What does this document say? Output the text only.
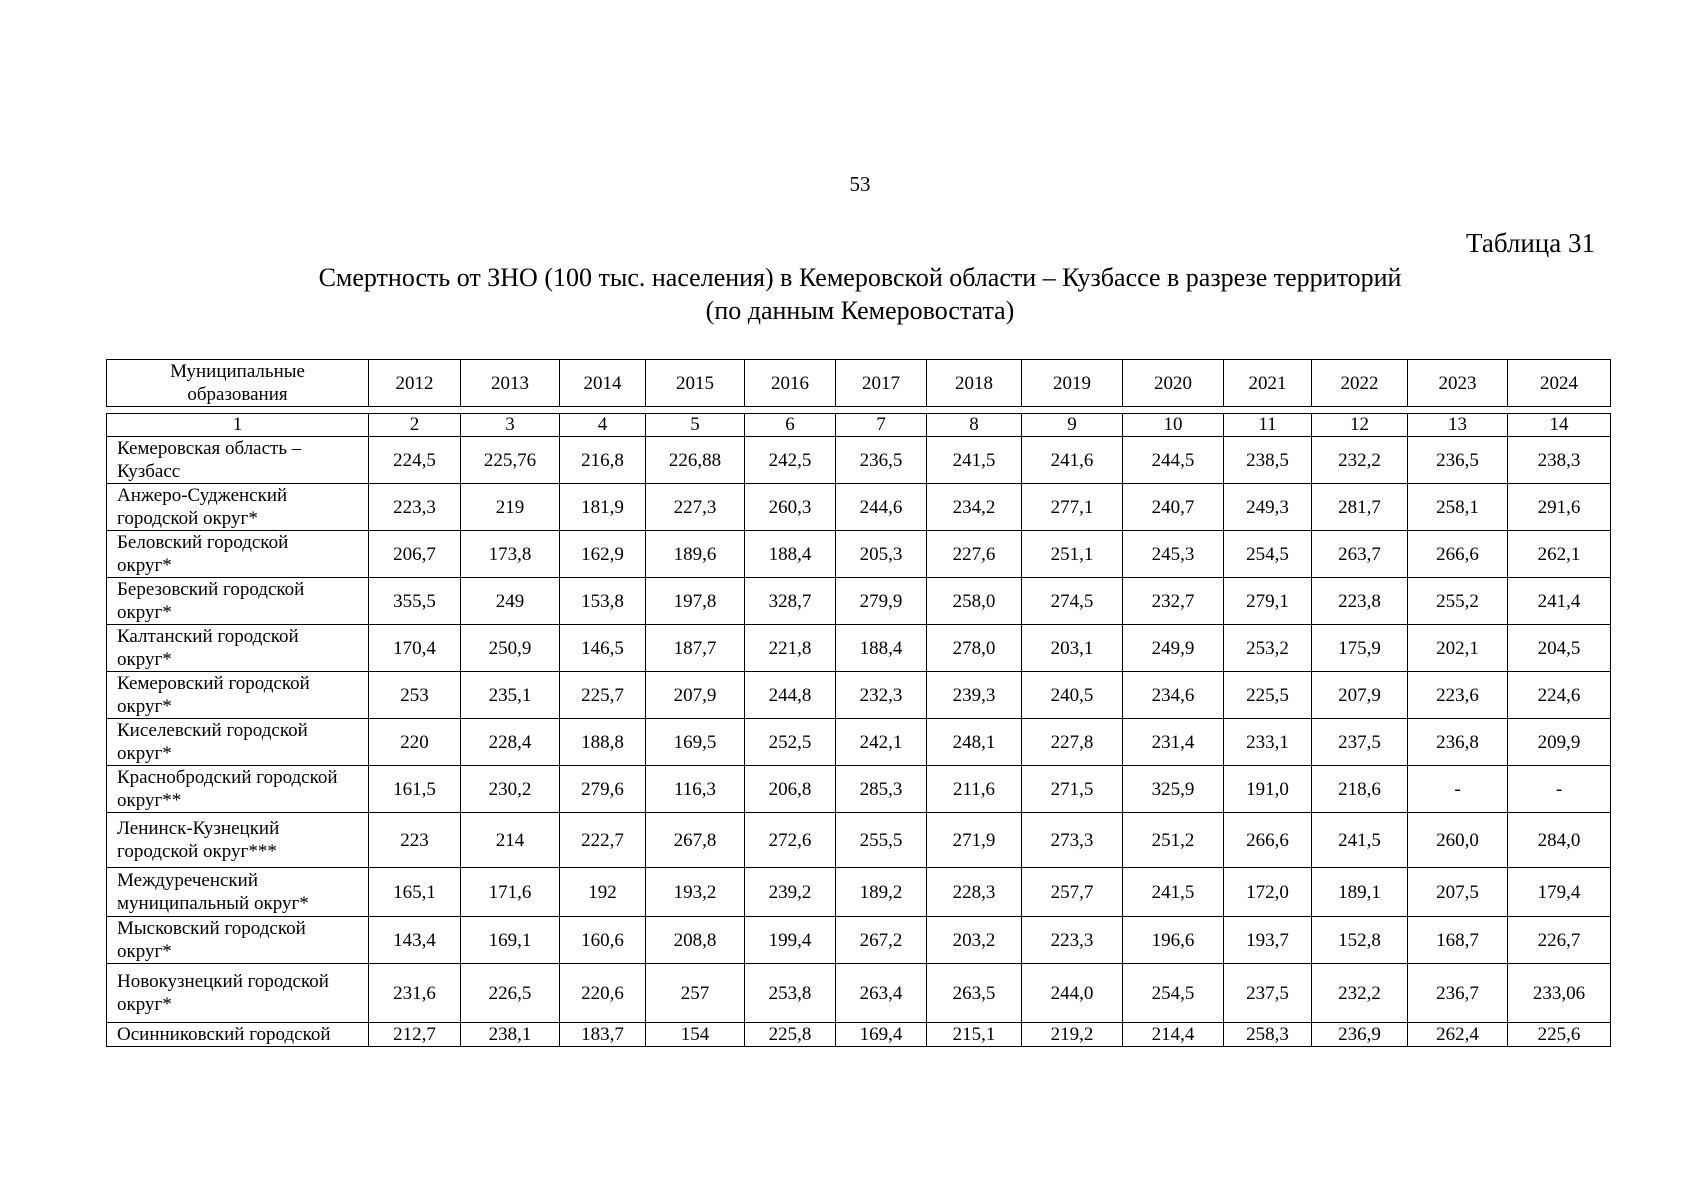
53
Таблица 31
Смертность от ЗНО (100 тыс. населения) в Кемеровской области – Кузбассе в разрезе территорий
(по данным Кемеровостата)
Муниципальные
образования
	2012	2013	2014	2015	2016	2017	2018	2019	2020	2021	2022	2023	2024
1	2	3	4	5	6	7	8	9	10	11	12	13	14

Кемеровская область –
Кузбасс	224,5	225,76	216,8	226,88	242,5	236,5	241,5	241,6	244,5	238,5	232,2	236,5	238,3

Анжеро-Судженский
городской округ*	223,3	219	181,9	227,3	260,3	244,6	234,2	277,1	240,7	249,3	281,7	258,1	291,6

Беловский городской
округ*	206,7	173,8	162,9	189,6	188,4	205,3	227,6	251,1	245,3	254,5	263,7	266,6	262,1

Березовский городской
округ*	355,5	249	153,8	197,8	328,7	279,9	258,0	274,5	232,7	279,1	223,8	255,2	241,4

Калтанский городской
округ*	170,4	250,9	146,5	187,7	221,8	188,4	278,0	203,1	249,9	253,2	175,9	202,1	204,5

Кемеровский городской
округ*	253	235,1	225,7	207,9	244,8	232,3	239,3	240,5	234,6	225,5	207,9	223,6	224,6

Киселевский городской
округ*	220	228,4	188,8	169,5	252,5	242,1	248,1	227,8	231,4	233,1	237,5	236,8	209,9

Краснобродский городской
округ**	161,5	230,2	279,6	116,3	206,8	285,3	211,6	271,5	325,9	191,0	218,6	-	-

Ленинск-Кузнецкий
городской округ***	223	214	222,7	267,8	272,6	255,5	271,9	273,3	251,2	266,6	241,5	260,0	284,0

Междуреченский
муниципальный округ*	165,1	171,6	192	193,2	239,2	189,2	228,3	257,7	241,5	172,0	189,1	207,5	179,4

Мысковский городской
округ*	143,4	169,1	160,6	208,8	199,4	267,2	203,2	223,3	196,6	193,7	152,8	168,7	226,7

Новокузнецкий городской
округ*	231,6	226,5	220,6	257	253,8	263,4	263,5	244,0	254,5	237,5	232,2	236,7	233,06

Осинниковский городской	212,7	238,1	183,7	154	225,8	169,4	215,1	219,2	214,4	258,3	236,9	262,4	225,6
